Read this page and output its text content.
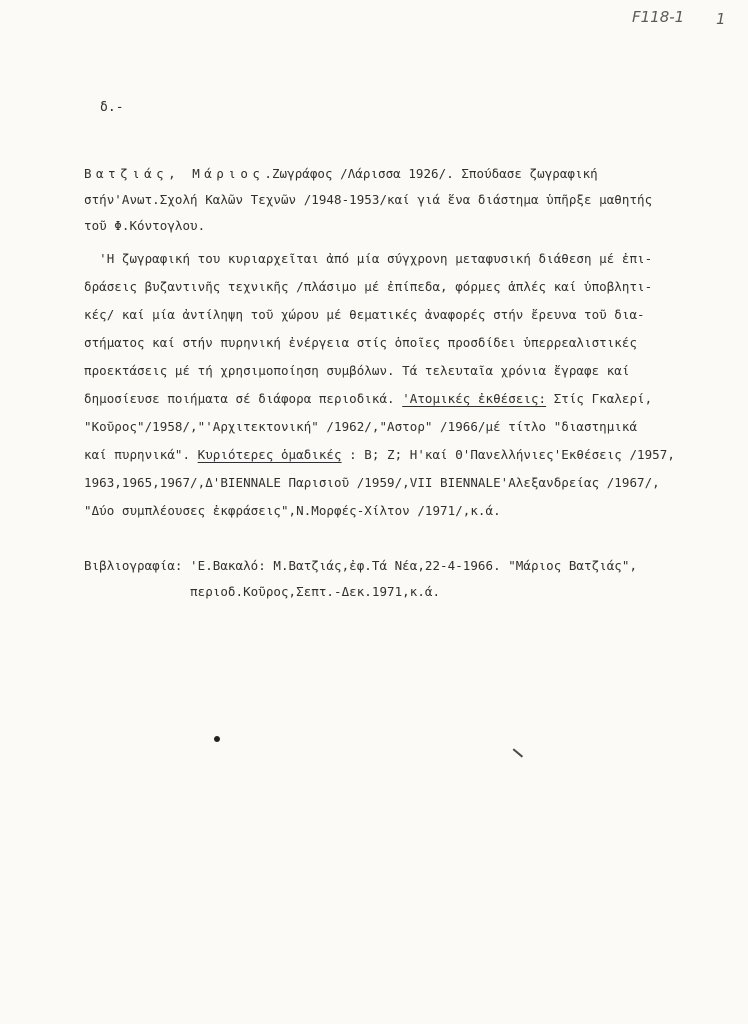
F118-1 1
δ.-
Βατζιάς, Μάριος.Ζωγράφος /Λάρισσα 1926/. Σπούδασε ζωγραφική
στήν'Ανωτ.Σχολή Καλῶν Τεχνῶν /1948-1953/καί γιά ἕνα διάστημα ὑπῆρξε μαθητής
τοῦ Φ.Κόντογλου.
'Η ζωγραφική του κυριαρχεῖται ἀπό μία σύγχρονη μεταφυσική διάθεση μέ ἐπι-
δράσεις βυζαντινῆς τεχνικῆς /πλάσιμο μέ ἐπίπεδα, φόρμες ἁπλές καί ὑποβλητι-
κές/ καί μία ἀντίληψη τοῦ χώρου μέ θεματικές ἀναφορές στήν ἔρευνα τοῦ δια-
στήματος καί στήν πυρηνική ἐνέργεια στίς ὁποῖες προσδίδει ὑπερρεαλιστικές
προεκτάσεις μέ τή χρησιμοποίηση συμβόλων. Τά τελευταῖα χρόνια ἔγραφε καί
δημοσίευσε ποιήματα σέ διάφορα περιοδικά. 'Ατομικές ἐκθέσεις: Στίς Γκαλερί,
"Κοῦρος"/1958/,"'Αρχιτεκτονική" /1962/,"Αστορ" /1966/μέ τίτλο "διαστημικά
καί πυρηνικά". Κυριότερες ὁμαδικές : Β; Ζ; Η'καί Θ'Πανελλήνιες'Εκθέσεις /1957,
1963,1965,1967/,Δ'BIENNALE Παρισιοῦ /1959/,VII BIENNALE'Αλεξανδρείας /1967/,
"Δύο συμπλέουσες ἐκφράσεις",Ν.Μορφές-Χίλτον /1971/,κ.ά.
Βιβλιογραφία: 'Ε.Βακαλό: Μ.Βατζιάς,ἐφ.Τά Νέα,22-4-1966. "Μάριος Βατζιάς",
περιοδ.Κοῦρος,Σεπτ.-Δεκ.1971,κ.ά.
